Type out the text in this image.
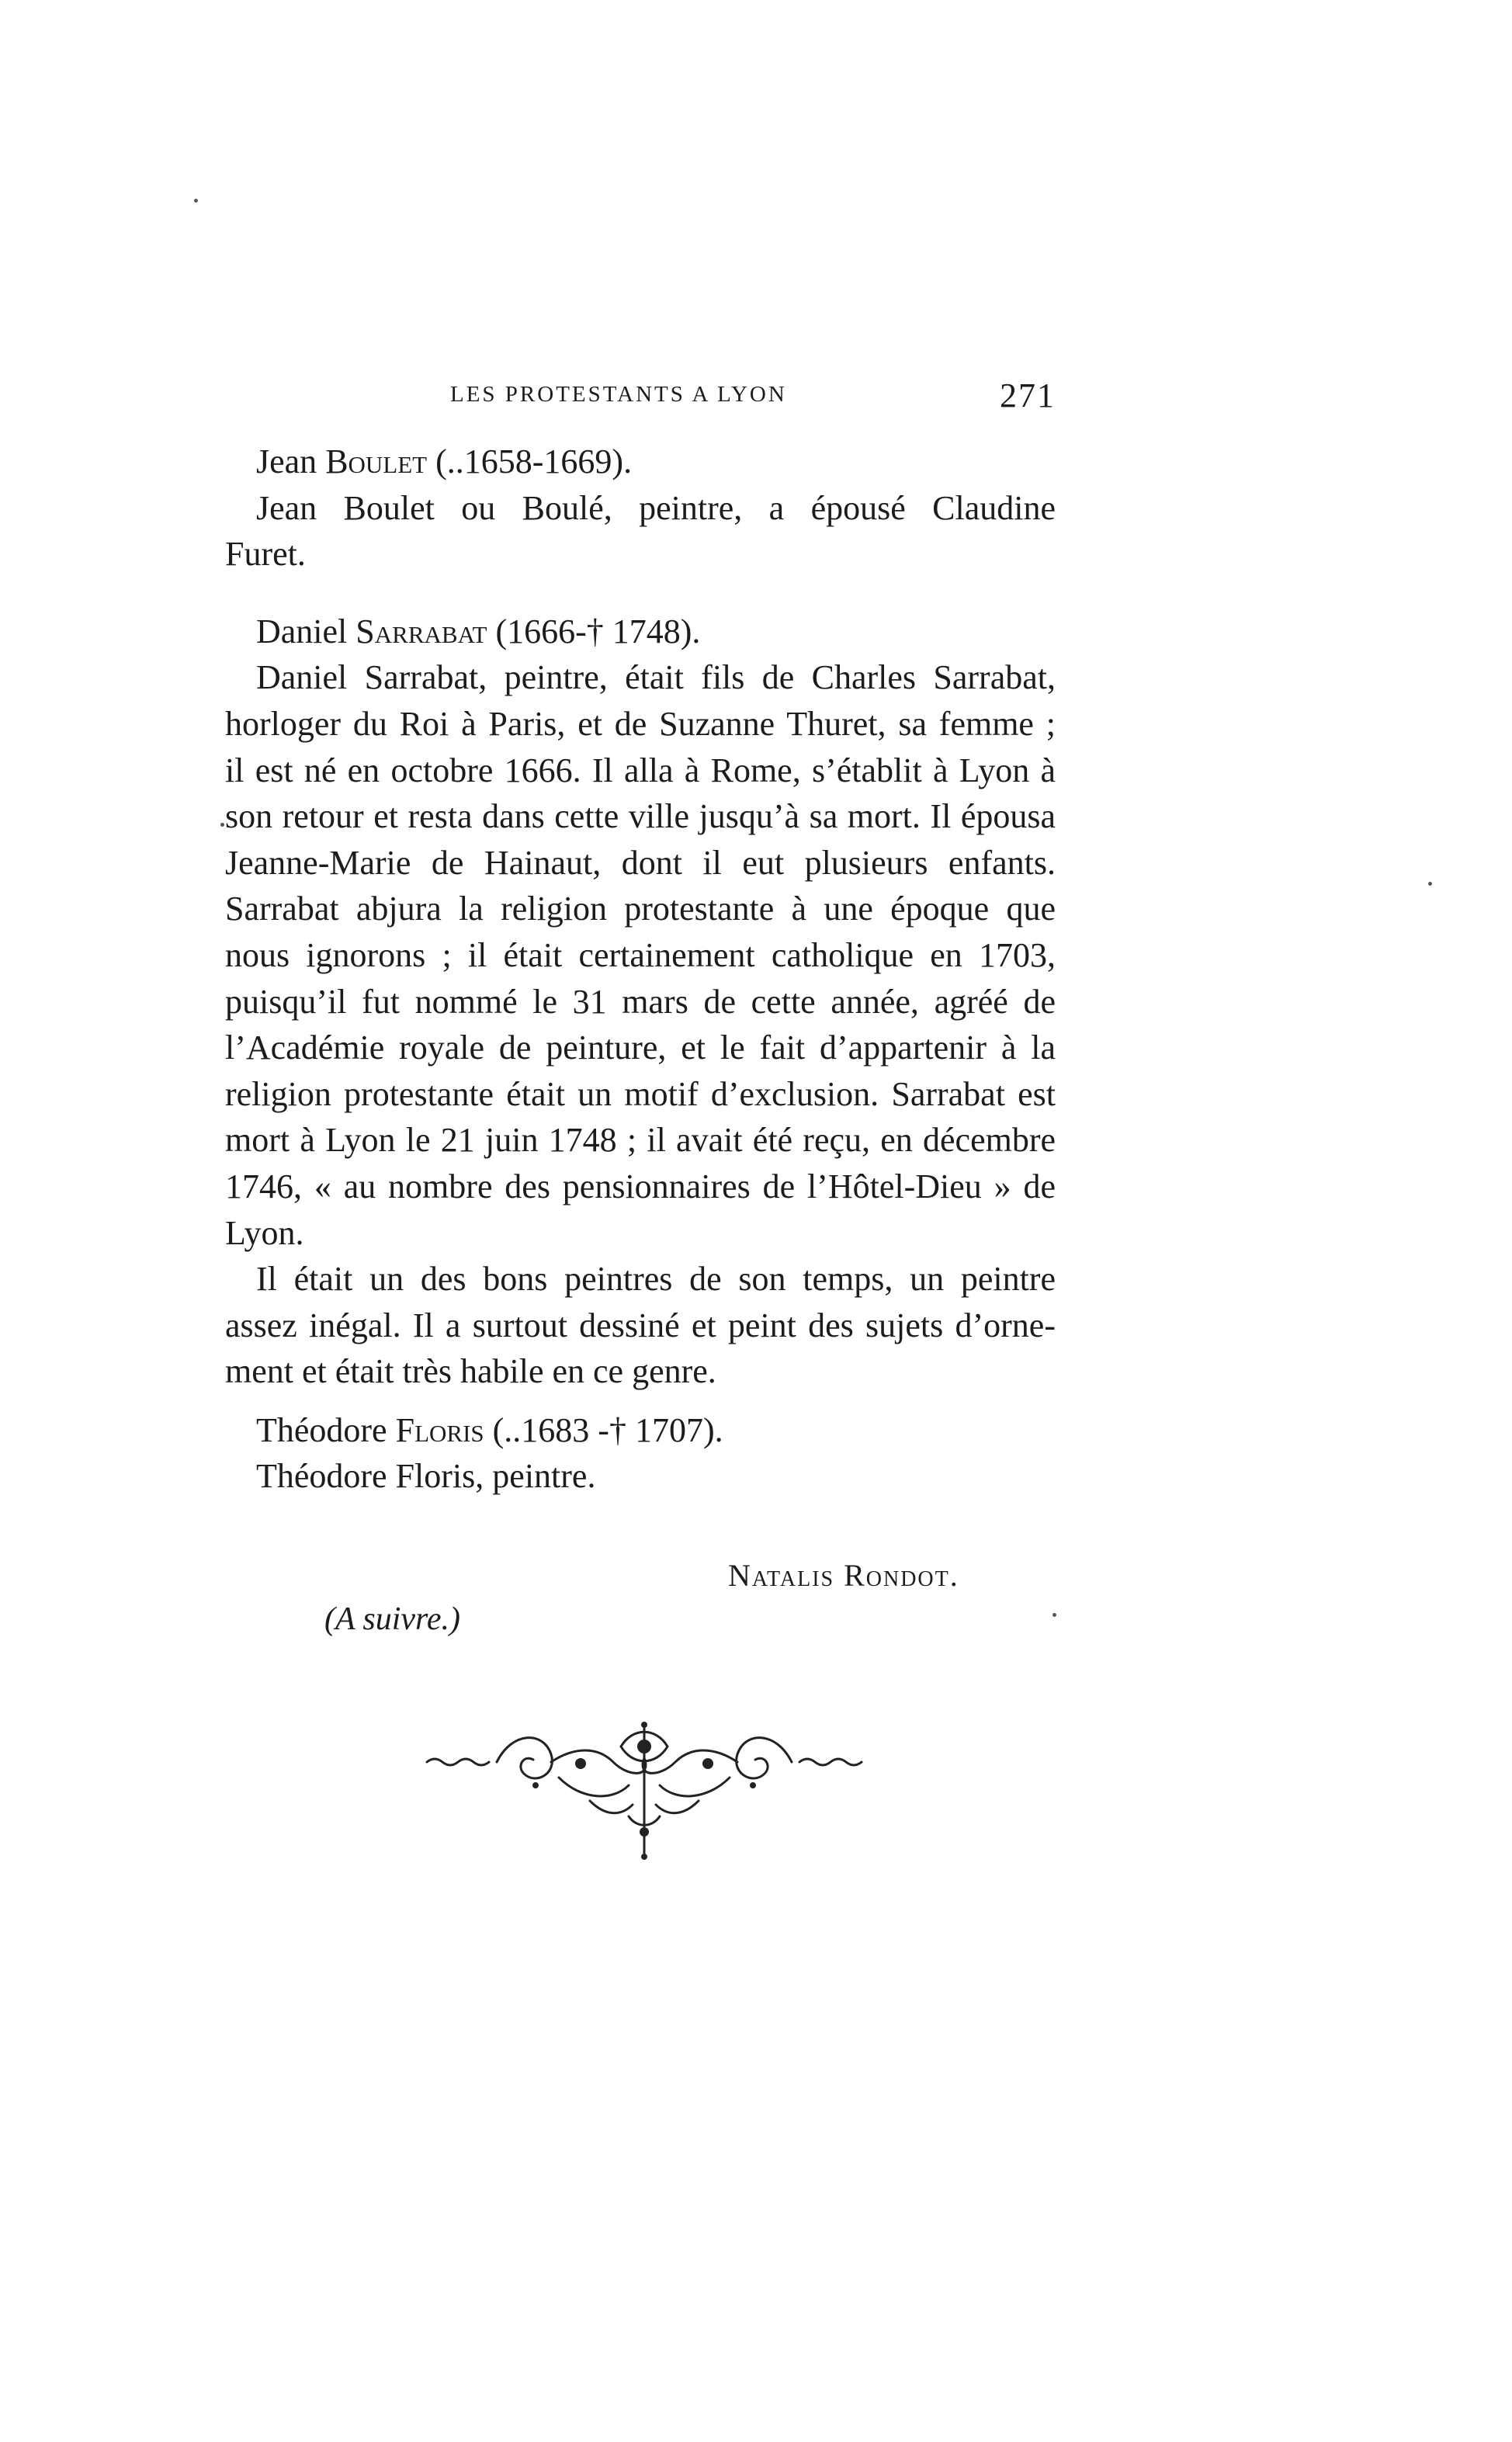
LES PROTESTANTS A LYON	271
Jean Boulet (..1658-1669).
Jean Boulet ou Boulé, peintre, a épousé Claudine
Furet.
Daniel Sarrabat (1666-† 1748).
Daniel Sarrabat, peintre, était fils de Charles Sarrabat,
horloger du Roi à Paris, et de Suzanne Thuret, sa femme ;
il est né en octobre 1666. Il alla à Rome, s’établit à Lyon à
son retour et resta dans cette ville jusqu’à sa mort. Il épousa
Jeanne-Marie de Hainaut, dont il eut plusieurs enfants.
Sarrabat abjura la religion protestante à une époque que
nous ignorons ; il était certainement catholique en 1703,
puisqu’il fut nommé le 31 mars de cette année, agréé de
l’Académie royale de peinture, et le fait d’appartenir à la
religion protestante était un motif d’exclusion. Sarrabat est
mort à Lyon le 21 juin 1748 ; il avait été reçu, en décembre
1746, « au nombre des pensionnaires de l’Hôtel-Dieu » de
Lyon.
Il était un des bons peintres de son temps, un peintre
assez inégal. Il a surtout dessiné et peint des sujets d’orne-
ment et était très habile en ce genre.
Théodore Floris (..1683 -† 1707).
Théodore Floris, peintre.
Natalis Rondot.
(A suivre.)
